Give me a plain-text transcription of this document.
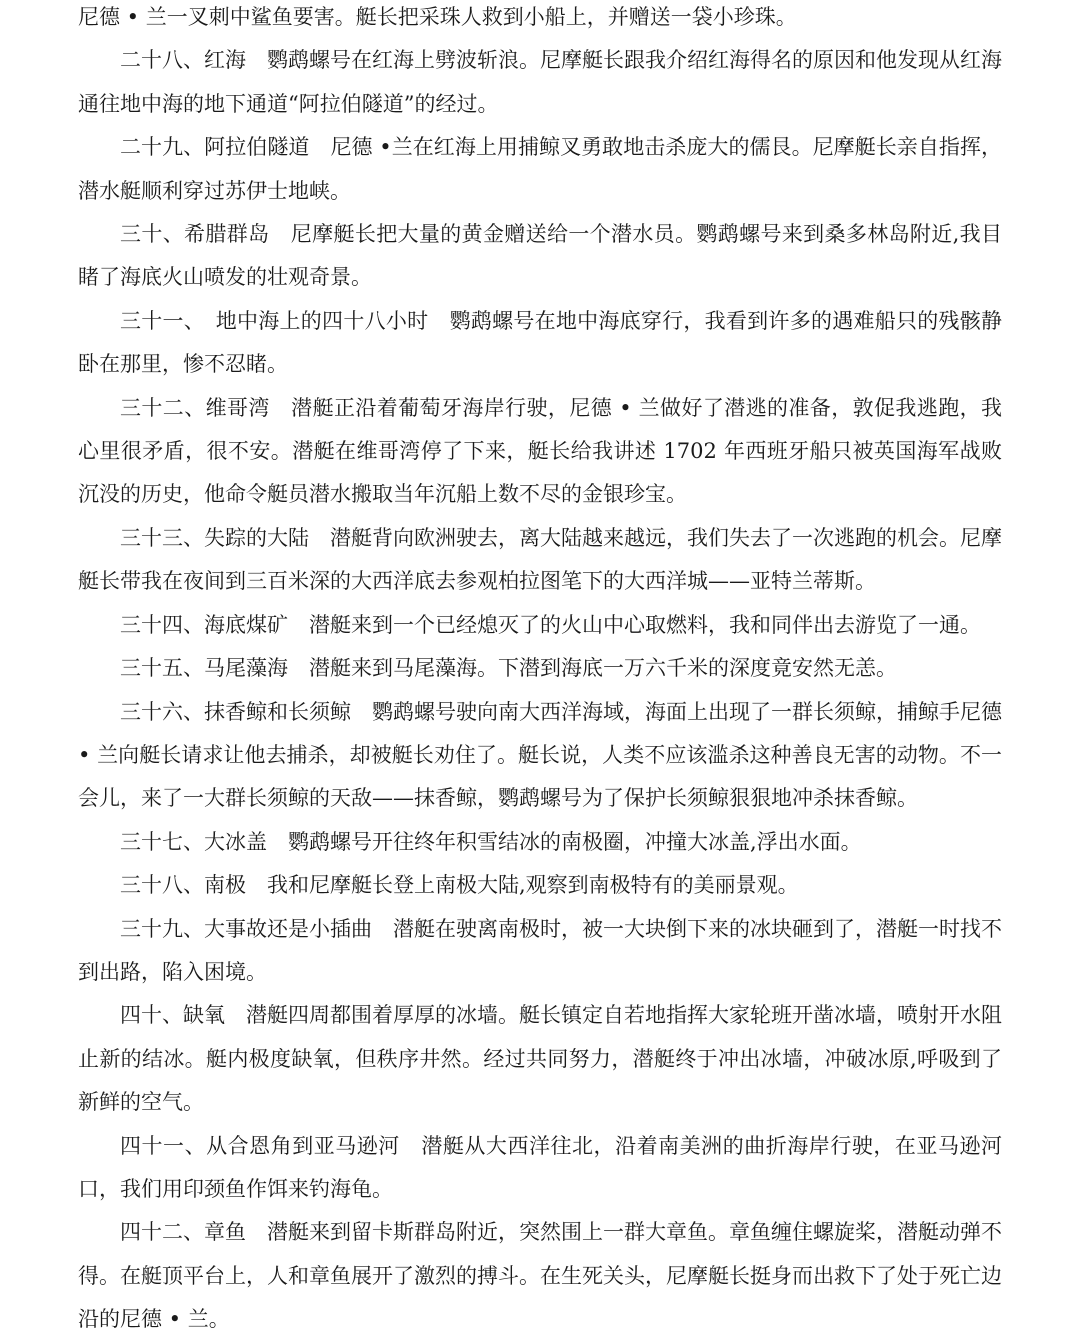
尼德 • 兰一叉刺中鲨鱼要害。艇长把采珠人救到小船上，并赠送一袋小珍珠。

二十八、红海　鹦鹉螺号在红海上劈波斩浪。尼摩艇长跟我介绍红海得名的原因和他发现从红海通往地中海的地下通道“阿拉伯隧道”的经过。

二十九、阿拉伯隧道　尼德 •兰在红海上用捕鲸叉勇敢地击杀庞大的儒艮。尼摩艇长亲自指挥，潜水艇顺利穿过苏伊士地峡。

三十、希腊群岛　尼摩艇长把大量的黄金赠送给一个潜水员。鹦鹉螺号来到桑多林岛附近,我目睹了海底火山喷发的壮观奇景。

三十一、　地中海上的四十八小时　鹦鹉螺号在地中海底穿行，我看到许多的遇难船只的残骸静卧在那里，惨不忍睹。

三十二、维哥湾　潜艇正沿着葡萄牙海岸行驶，尼德 • 兰做好了潜逃的准备，敦促我逃跑，我心里很矛盾，很不安。潜艇在维哥湾停了下来，艇长给我讲述 1702 年西班牙船只被英国海军战败沉没的历史，他命令艇员潜水搬取当年沉船上数不尽的金银珍宝。

三十三、失踪的大陆　潜艇背向欧洲驶去，离大陆越来越远，我们失去了一次逃跑的机会。尼摩艇长带我在夜间到三百米深的大西洋底去参观柏拉图笔下的大西洋城——亚特兰蒂斯。

三十四、海底煤矿　潜艇来到一个已经熄灭了的火山中心取燃料，我和同伴出去游览了一通。

三十五、马尾藻海　潜艇来到马尾藻海。下潜到海底一万六千米的深度竟安然无恙。

三十六、抹香鲸和长须鲸　鹦鹉螺号驶向南大西洋海域，海面上出现了一群长须鲸，捕鲸手尼德 • 兰向艇长请求让他去捕杀，却被艇长劝住了。艇长说，人类不应该滥杀这种善良无害的动物。不一会儿，来了一大群长须鲸的天敌——抹香鲸，鹦鹉螺号为了保护长须鲸狠狠地冲杀抹香鲸。

三十七、大冰盖　鹦鹉螺号开往终年积雪结冰的南极圈，冲撞大冰盖,浮出水面。

三十八、南极　我和尼摩艇长登上南极大陆,观察到南极特有的美丽景观。

三十九、大事故还是小插曲　潜艇在驶离南极时，被一大块倒下来的冰块砸到了，潜艇一时找不到出路，陷入困境。

四十、缺氧　潜艇四周都围着厚厚的冰墙。艇长镇定自若地指挥大家轮班开凿冰墙，喷射开水阻止新的结冰。艇内极度缺氧，但秩序井然。经过共同努力，潜艇终于冲出冰墙，冲破冰原,呼吸到了新鲜的空气。

四十一、从合恩角到亚马逊河　潜艇从大西洋往北，沿着南美洲的曲折海岸行驶，在亚马逊河口，我们用印颈鱼作饵来钓海龟。

四十二、章鱼　潜艇来到留卡斯群岛附近，突然围上一群大章鱼。章鱼缠住螺旋桨，潜艇动弹不得。在艇顶平台上，人和章鱼展开了激烈的搏斗。在生死关头，尼摩艇长挺身而出救下了处于死亡边沿的尼德 • 兰。
